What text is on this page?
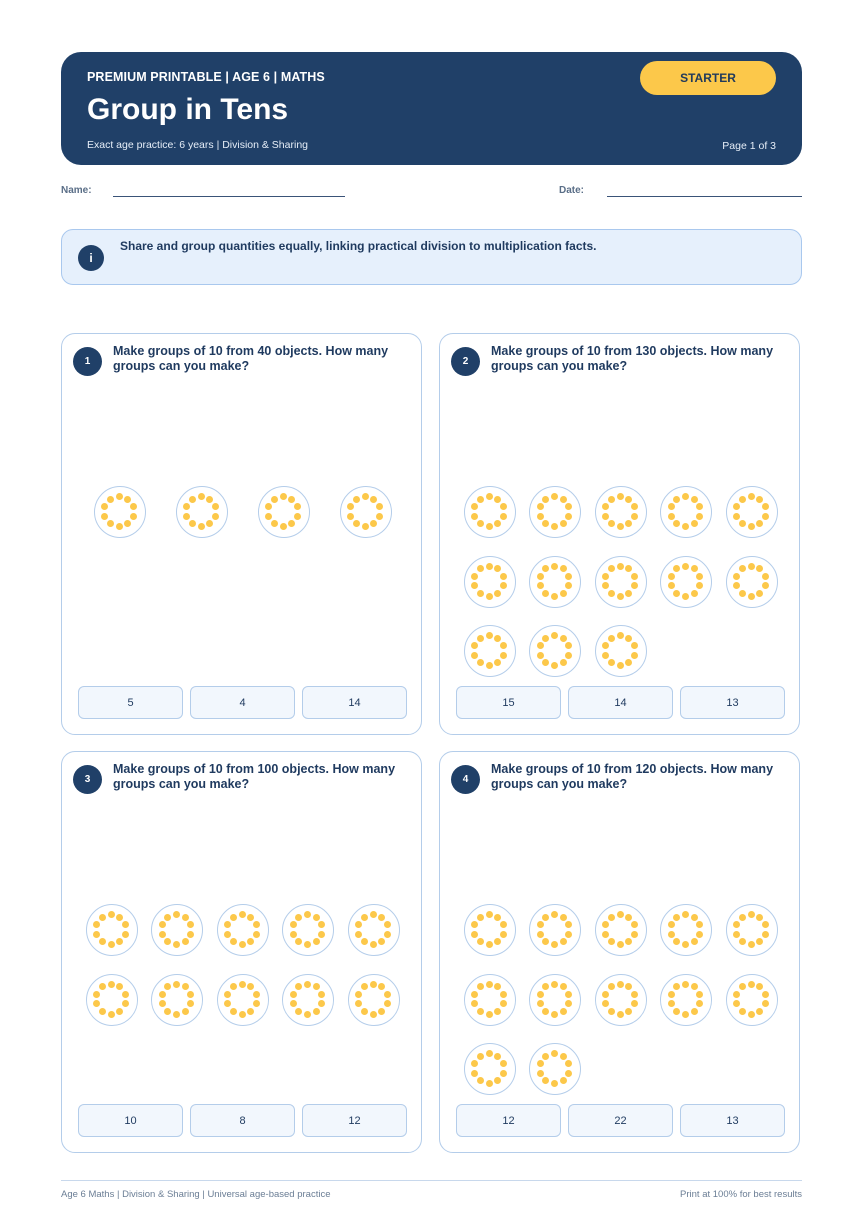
PREMIUM PRINTABLE | AGE 6 | MATHS
Group in Tens
Exact age practice: 6 years | Division & Sharing
STARTER
Page 1 of 3
Name:	Date:
i
Share and group quantities equally, linking practical division to multiplication facts.
1
Make groups of 10 from 40 objects. How many groups can you make?
5	4	14
2
Make groups of 10 from 130 objects. How many groups can you make?
15	14	13
3
Make groups of 10 from 100 objects. How many groups can you make?
10	8	12
4
Make groups of 10 from 120 objects. How many groups can you make?
12	22	13
Age 6 Maths | Division & Sharing | Universal age-based practice	Print at 100% for best results
